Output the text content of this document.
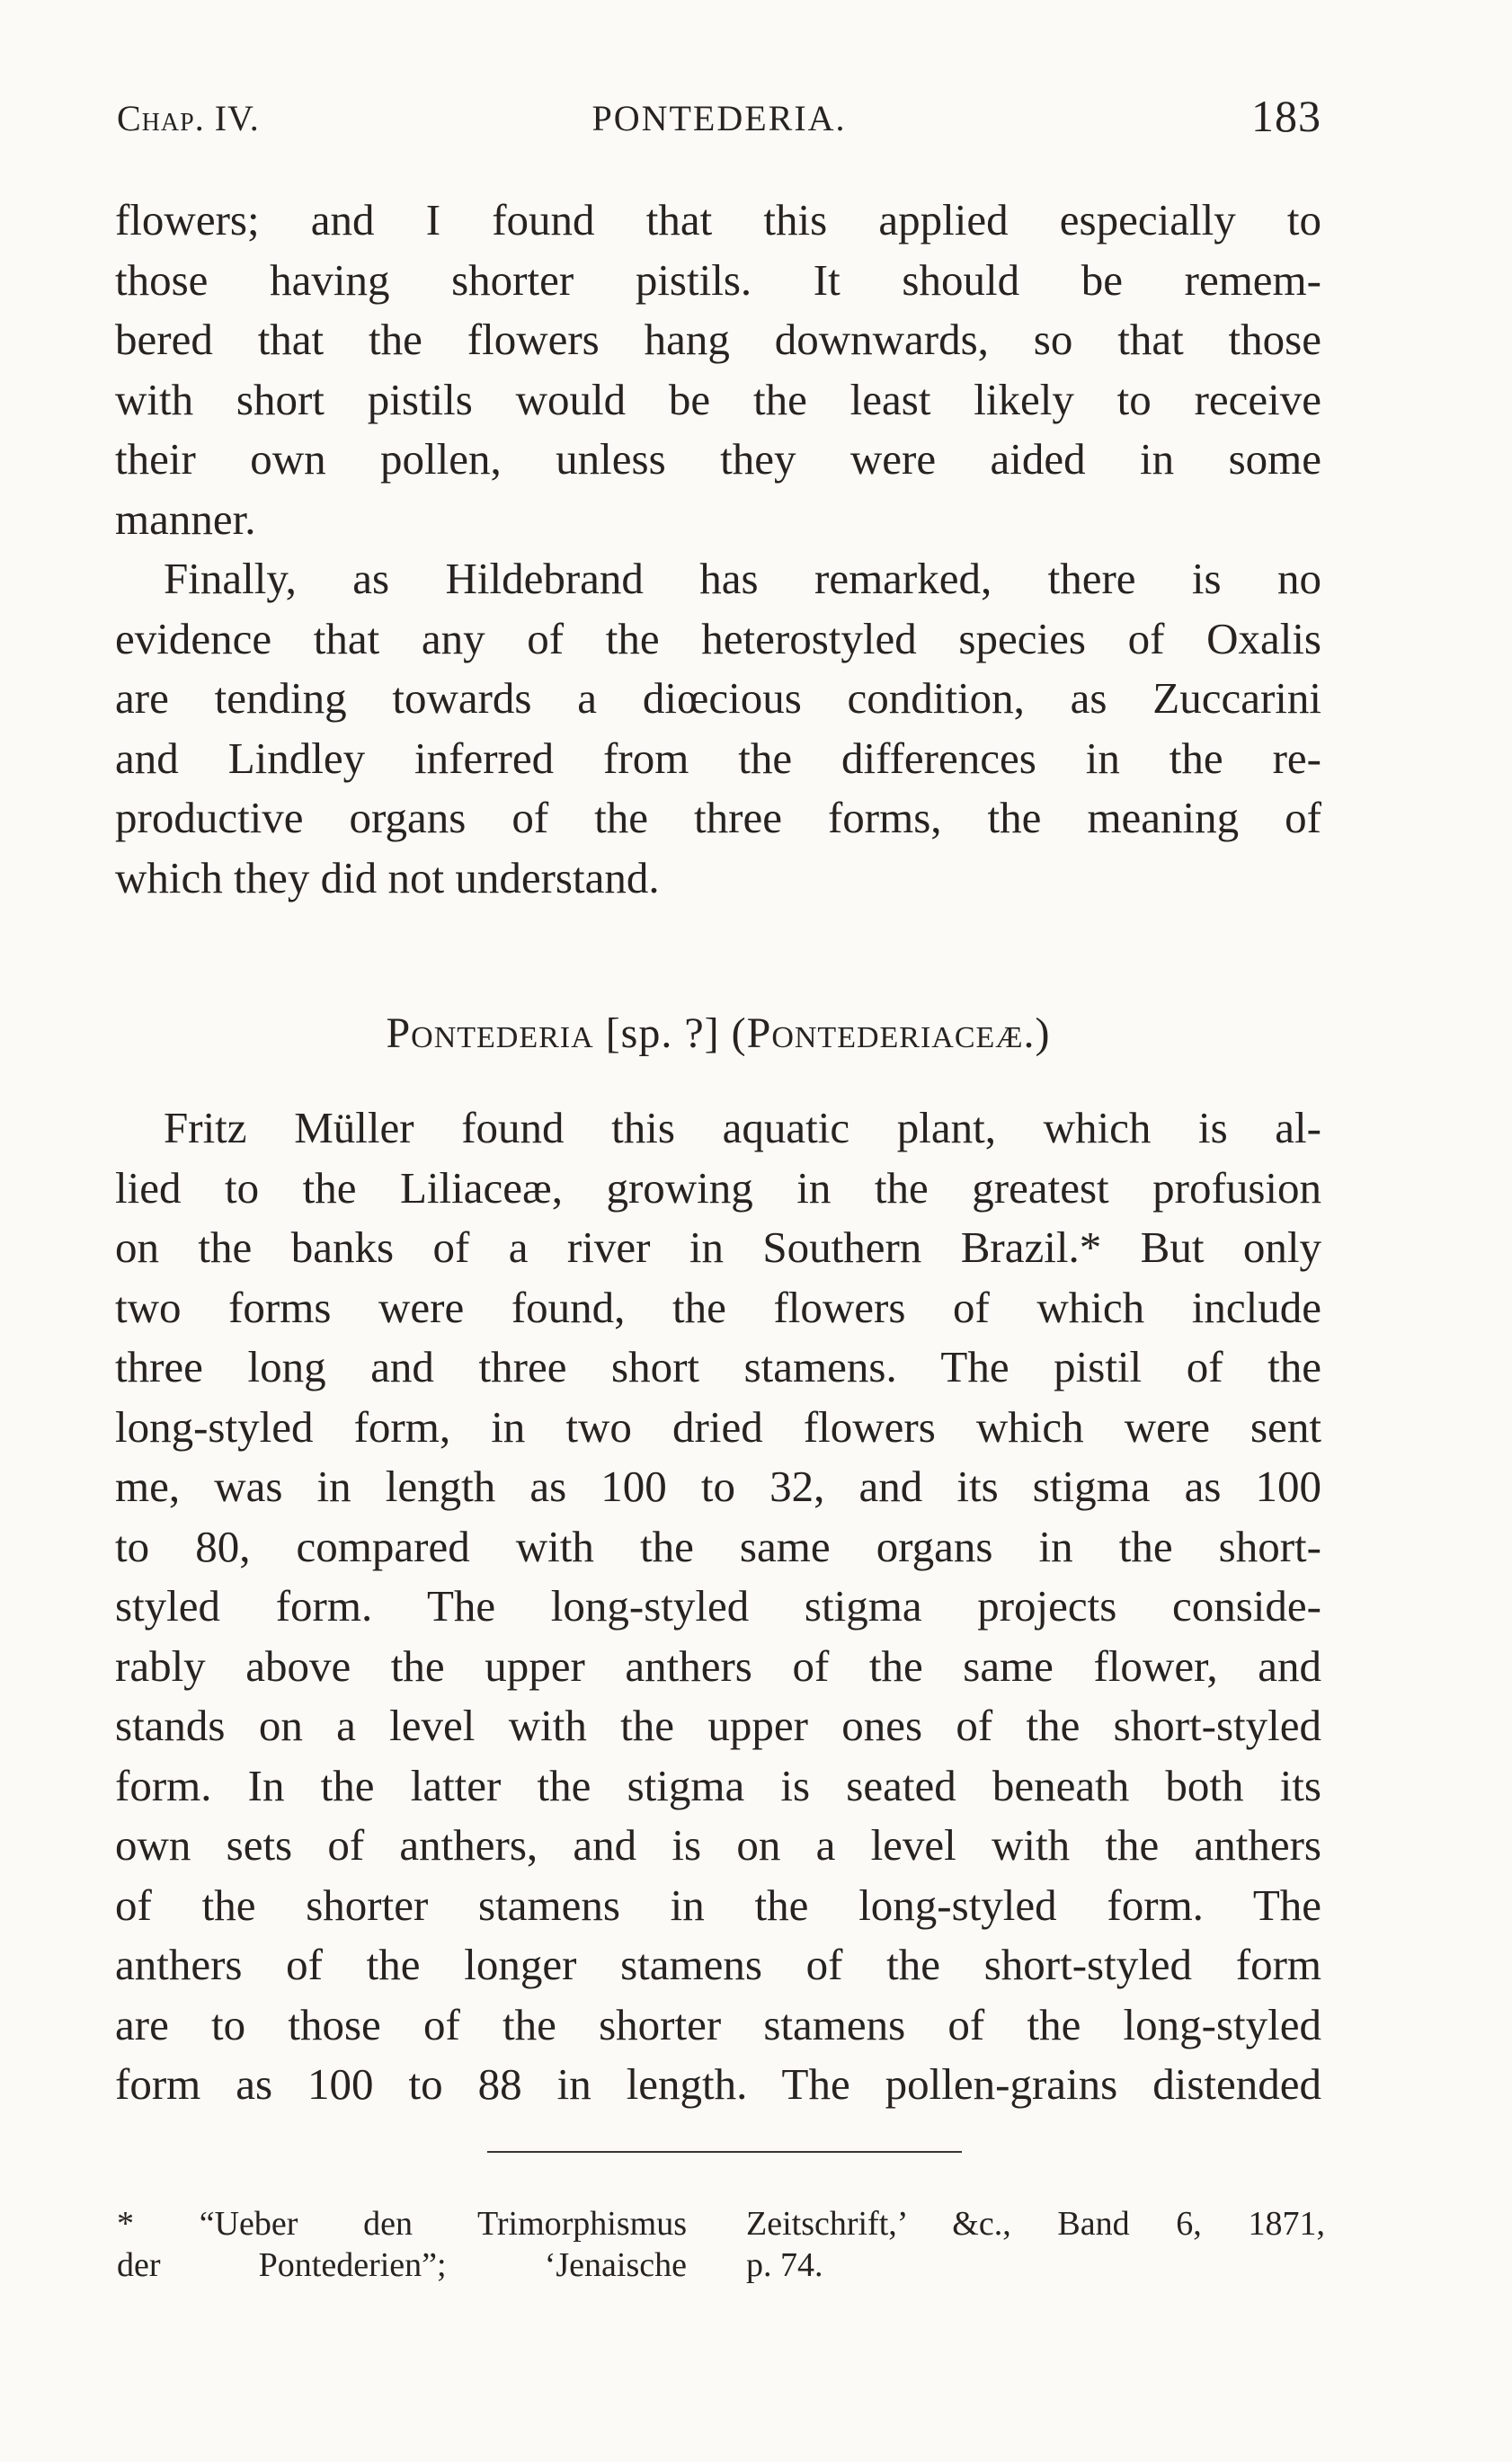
Chap. IV.	PONTEDERIA.	183
flowers; and I found that this applied especially to
those having shorter pistils. It should be remem-
bered that the flowers hang downwards, so that those
with short pistils would be the least likely to receive
their own pollen, unless they were aided in some
manner.
Finally, as Hildebrand has remarked, there is no
evidence that any of the heterostyled species of Oxalis
are tending towards a diœcious condition, as Zuccarini
and Lindley inferred from the differences in the re-
productive organs of the three forms, the meaning of
which they did not understand.
Pontederia [sp. ?] (Pontederiaceæ.)
Fritz Müller found this aquatic plant, which is al-
lied to the Liliaceæ, growing in the greatest profusion
on the banks of a river in Southern Brazil.* But only
two forms were found, the flowers of which include
three long and three short stamens. The pistil of the
long-styled form, in two dried flowers which were sent
me, was in length as 100 to 32, and its stigma as 100
to 80, compared with the same organs in the short-
styled form. The long-styled stigma projects conside-
rably above the upper anthers of the same flower, and
stands on a level with the upper ones of the short-styled
form. In the latter the stigma is seated beneath both its
own sets of anthers, and is on a level with the anthers
of the shorter stamens in the long-styled form. The
anthers of the longer stamens of the short-styled form
are to those of the shorter stamens of the long-styled
form as 100 to 88 in length. The pollen-grains distended
* “Ueber den Trimorphismus
der Pontederien”; ‘Jenaische
Zeitschrift,’ &c., Band 6, 1871,
p. 74.
